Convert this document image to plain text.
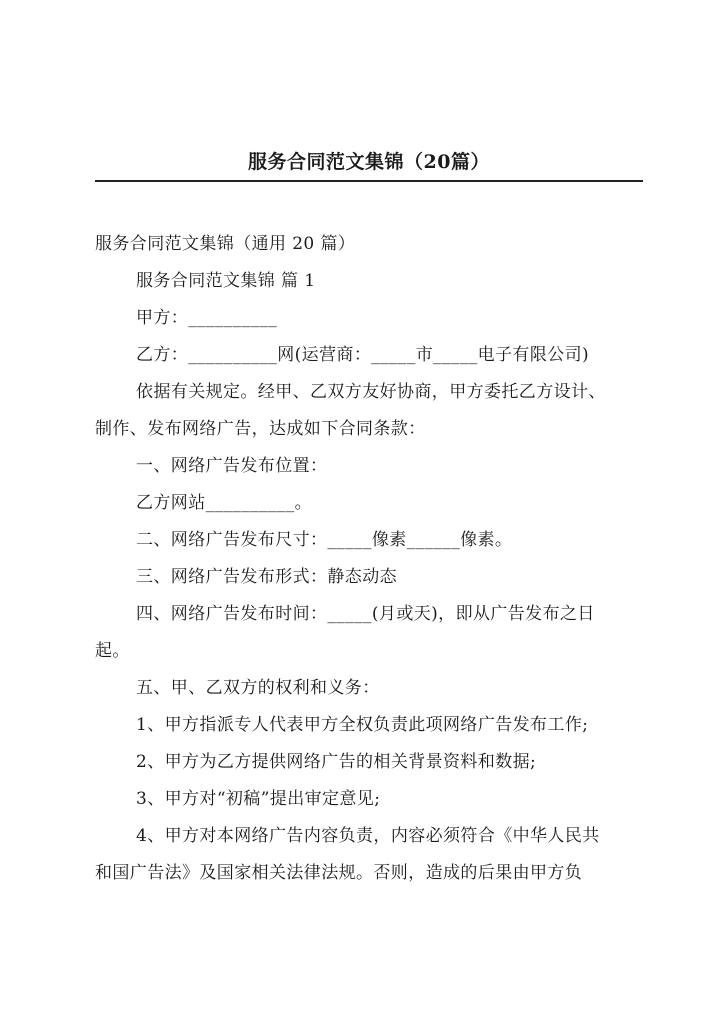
服务合同范文集锦（20篇）

服务合同范文集锦（通用 20 篇）

服务合同范文集锦 篇 1

甲方：__________

乙方：__________网(运营商：_____市_____电子有限公司)

依据有关规定。经甲、乙双方友好协商，甲方委托乙方设计、

制作、发布网络广告，达成如下合同条款：

一、网络广告发布位置：

乙方网站__________。

二、网络广告发布尺寸：_____像素______像素。

三、网络广告发布形式：静态动态

四、网络广告发布时间：_____(月或天)，即从广告发布之日

起。

五、甲、乙双方的权利和义务：

1、甲方指派专人代表甲方全权负责此项网络广告发布工作;

2、甲方为乙方提供网络广告的相关背景资料和数据;

3、甲方对“初稿”提出审定意见;

4、甲方对本网络广告内容负责，内容必须符合《中华人民共

和国广告法》及国家相关法律法规。否则，造成的后果由甲方负
